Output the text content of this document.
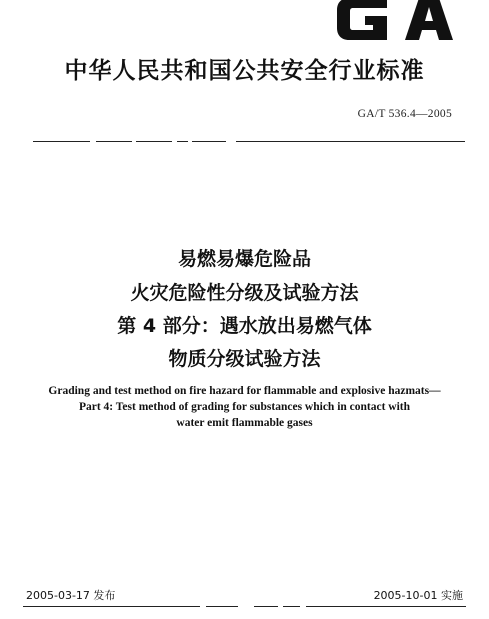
中华人民共和国公共安全行业标准
GA/T 536.4—2005
易燃易爆危险品
火灾危险性分级及试验方法
第 4 部分：遇水放出易燃气体
物质分级试验方法
Grading and test method on fire hazard for flammable and explosive hazmats—
Part 4: Test method of grading for substances which in contact with
water emit flammable gases
2005-03-17 发布	2005-10-01 实施
